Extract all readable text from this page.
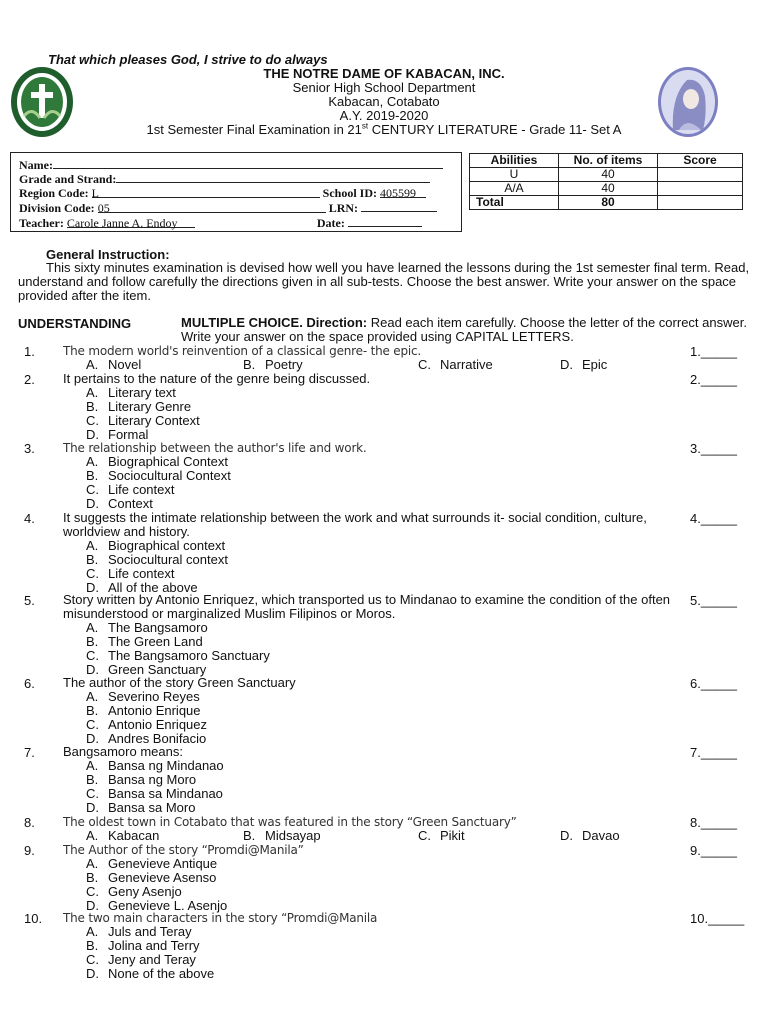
That which pleases God, I strive to do always
THE NOTRE DAME OF KABACAN, INC.
Senior High School Department
Kabacan, Cotabato
A.Y. 2019-2020
1st Semester Final Examination in 21st CENTURY LITERATURE - Grade 11- Set A
Name:
Grade and Strand:
Region Code: L	School ID: 405599
Division Code: 05	LRN:
Teacher: Carole Janne A. Endoy	Date:
Abilities	No. of items	Score
U	40	
A/A	40	
Total	80	
General Instruction:
This sixty minutes examination is devised how well you have learned the lessons during the 1st semester final term. Read, understand and follow carefully the directions given in all sub-tests. Choose the best answer. Write your answer on the space provided after the item.
UNDERSTANDING	MULTIPLE CHOICE. Direction: Read each item carefully. Choose the letter of the correct answer. Write your answer on the space provided using CAPITAL LETTERS.
1. The modern world's reinvention of a classical genre- the epic.	1._____
A. Novel	B. Poetry	C. Narrative	D. Epic
2. It pertains to the nature of the genre being discussed.	2._____
A. Literary text
B. Literary Genre
C. Literary Context
D. Formal
3. The relationship between the author's life and work.	3._____
A. Biographical Context
B. Sociocultural Context
C. Life context
D. Context
4. It suggests the intimate relationship between the work and what surrounds it- social condition, culture, worldview and history.
4._____
A. Biographical context
B. Sociocultural context
C. Life context
D. All of the above
5. Story written by Antonio Enriquez, which transported us to Mindanao to examine the condition of the often misunderstood or marginalized Muslim Filipinos or Moros.
5._____
A. The Bangsamoro
B. The Green Land
C. The Bangsamoro Sanctuary
D. Green Sanctuary
6. The author of the story Green Sanctuary	6._____
A. Severino Reyes
B. Antonio Enrique
C. Antonio Enriquez
D. Andres Bonifacio
7. Bangsamoro means:	7._____
A. Bansa ng Mindanao
B. Bansa ng Moro
C. Bansa sa Mindanao
D. Bansa sa Moro
8. The oldest town in Cotabato that was featured in the story “Green Sanctuary”	8._____
A. Kabacan	B. Midsayap	C. Pikit	D. Davao
9. The Author of the story “Promdi@Manila”	9._____
A. Genevieve Antique
B. Genevieve Asenso
C. Geny Asenjo
D. Genevieve L. Asenjo
10. The two main characters in the story “Promdi@Manila	10._____
A. Juls and Teray
B. Jolina and Terry
C. Jeny and Teray
D. None of the above
